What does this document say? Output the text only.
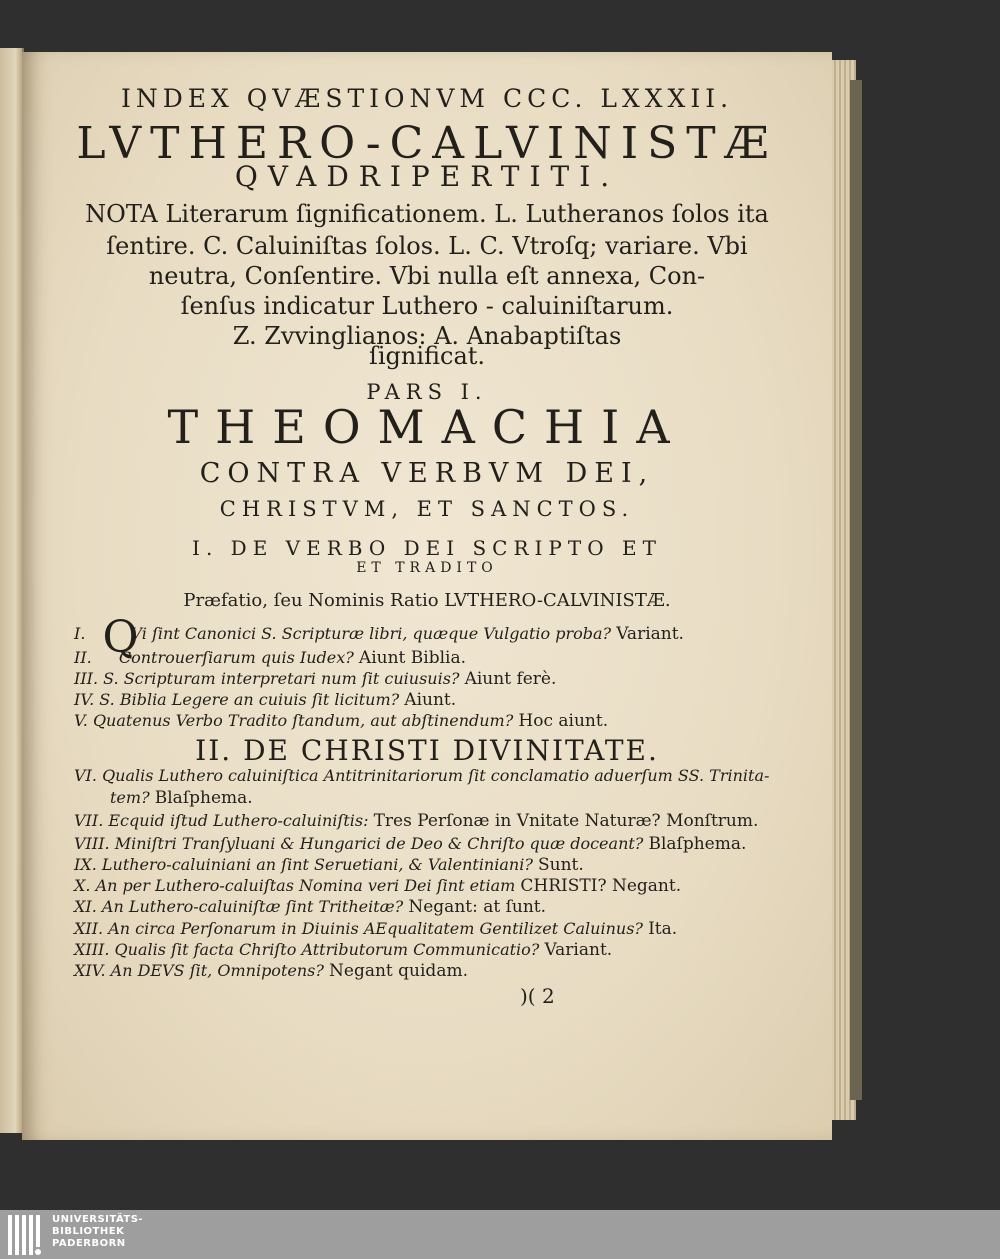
INDEX QVÆSTIONVM CCC. LXXXII.
LVTHERO-CALVINISTÆ
QVADRIPERTITI.
NOTA Literarum ſignificationem. L. Lutheranos ſolos ita
ſentire. C. Caluiniſtas ſolos. L. C. Vtroſq; variare. Vbi
neutra, Conſentire. Vbi nulla eſt annexa, Con-
ſenſus indicatur Luthero - caluiniſtarum.
Z. Zvvinglianos: A. Anabaptiſtas
ſignificat.
PARS I.
THEOMACHIA
CONTRA VERBVM DEI,
CHRISTVM, ET SANCTOS.
I. DE VERBO DEI SCRIPTO ET
ET TRADITO
Præfatio, ſeu Nominis Ratio LVTHERO-CALVINISTÆ.
I. Q
Vi ſint Canonici S. Scripturæ libri, quæque Vulgatio proba? Variant.
II. Controuerſiarum quis Iudex? Aiunt Biblia.
III. S. Scripturam interpretari num ſit cuiusuis? Aiunt ferè.
IV. S. Biblia Legere an cuiuis ſit licitum? Aiunt.
V. Quatenus Verbo Tradito ſtandum, aut abſtinendum? Hoc aiunt.
II. DE CHRISTI DIVINITATE.
VI. Qualis Luthero caluiniſtica Antitrinitariorum ſit conclamatio aduerſum SS. Trinita-
tem? Blaſphema.
VII. Ecquid iſtud Luthero-caluiniſtis: Tres Perſonæ in Vnitate Naturæ? Monſtrum.
VIII. Miniſtri Tranſyluani & Hungarici de Deo & Chriſto quæ doceant? Blaſphema.
IX. Luthero-caluiniani an ſint Seruetiani, & Valentiniani? Sunt.
X. An per Luthero-caluiſtas Nomina veri Dei ſint etiam CHRISTI? Negant.
XI. An Luthero-caluiniſtæ ſint Tritheitæ? Negant: at ſunt.
XII. An circa Perſonarum in Diuinis AEqualitatem Gentilizet Caluinus? Ita.
XIII. Qualis ſit facta Chriſto Attributorum Communicatio? Variant.
XIV. An DEVS ſit, Omnipotens? Negant quidam.
)( 2
UNIVERSITÄTS-
BIBLIOTHEK
PADERBORN
